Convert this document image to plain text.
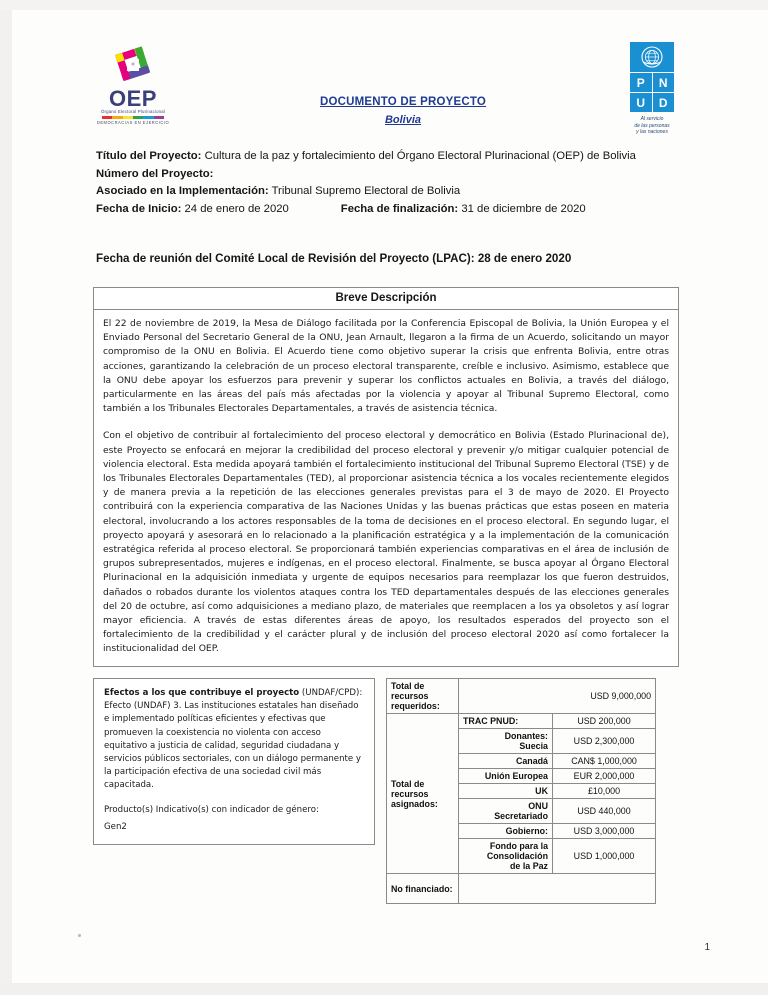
OEP
Órgano Electoral Plurinacional
DEMOCRACIAS EN EJERCICIO
DOCUMENTO DE PROYECTO
Bolivia
P	N
U	D
Al servicio
de las personas
y las naciones
Título del Proyecto: Cultura de la paz y fortalecimiento del Órgano Electoral Plurinacional (OEP) de Bolivia
Número del Proyecto:
Asociado en la Implementación: Tribunal Supremo Electoral de Bolivia
Fecha de Inicio: 24 de enero de 2020	Fecha de finalización: 31 de diciembre de 2020
Fecha de reunión del Comité Local de Revisión del Proyecto (LPAC): 28 de enero 2020
Breve Descripción

El 22 de noviembre de 2019, la Mesa de Diálogo facilitada por la Conferencia Episcopal de Bolivia, la Unión Europea y el Enviado Personal del Secretario General de la ONU, Jean Arnault, llegaron a la firma de un Acuerdo, solicitando un mayor compromiso de la ONU en Bolivia. El Acuerdo tiene como objetivo superar la crisis que enfrenta Bolivia, entre otras acciones, garantizando la celebración de un proceso electoral transparente, creíble e inclusivo. Asimismo, establece que la ONU debe apoyar los esfuerzos para prevenir y superar los conflictos actuales en Bolivia, a través del diálogo, particularmente en las áreas del país más afectadas por la violencia y apoyar al Tribunal Supremo Electoral, como también a los Tribunales Electorales Departamentales, a través de asistencia técnica.

Con el objetivo de contribuir al fortalecimiento del proceso electoral y democrático en Bolivia (Estado Plurinacional de), este Proyecto se enfocará en mejorar la credibilidad del proceso electoral y prevenir y/o mitigar cualquier potencial de violencia electoral. Esta medida apoyará también el fortalecimiento institucional del Tribunal Supremo Electoral (TSE) y de los Tribunales Electorales Departamentales (TED), al proporcionar asistencia técnica a los vocales recientemente elegidos y de manera previa a la repetición de las elecciones generales previstas para el 3 de mayo de 2020. El Proyecto contribuirá con la experiencia comparativa de las Naciones Unidas y las buenas prácticas que estas poseen en materia electoral, involucrando a los actores responsables de la toma de decisiones en el proceso electoral. En segundo lugar, el proyecto apoyará y asesorará en lo relacionado a la planificación estratégica y a la implementación de la comunicación estratégica referida al proceso electoral. Se proporcionará también experiencias comparativas en el área de inclusión de grupos subrepresentados, mujeres e indígenas, en el proceso electoral. Finalmente, se busca apoyar al Órgano Electoral Plurinacional en la adquisición inmediata y urgente de equipos necesarios para reemplazar los que fueron destruidos, dañados o robados durante los violentos ataques contra los TED departamentales después de las elecciones generales del 20 de octubre, así como adquisiciones a mediano plazo, de materiales que reemplacen a los ya obsoletos y así lograr mayor eficiencia. A través de estas diferentes áreas de apoyo, los resultados esperados del proyecto son el fortalecimiento de la credibilidad y el carácter plural y de inclusión del proceso electoral 2020 así como fortalecer la institucionalidad del OEP.

Efectos a los que contribuye el proyecto (UNDAF/CPD): Efecto (UNDAF) 3. Las instituciones estatales han diseñado e implementado políticas eficientes y efectivas que promueven la coexistencia no violenta con acceso equitativo a justicia de calidad, seguridad ciudadana y servicios públicos sectoriales, con un diálogo permanente y la participación efectiva de una sociedad civil más capacitada.

Producto(s) Indicativo(s) con indicador de género:

Gen2

Total de recursos requeridos:	USD 9,000,000	
Total de recursos asignados:	TRAC PNUD:	USD 200,000

	Donantes:
Suecia	USD 2,300,000
	Canadá	CAN$ 1,000,000
	Unión Europea	EUR 2,000,000
	UK	£10,000

	ONU
Secretariado	USD 440,000
	Gobierno:	USD 3,000,000

	Fondo para la
Consolidación
de la Paz	USD 1,000,000
No financiado:		
1
